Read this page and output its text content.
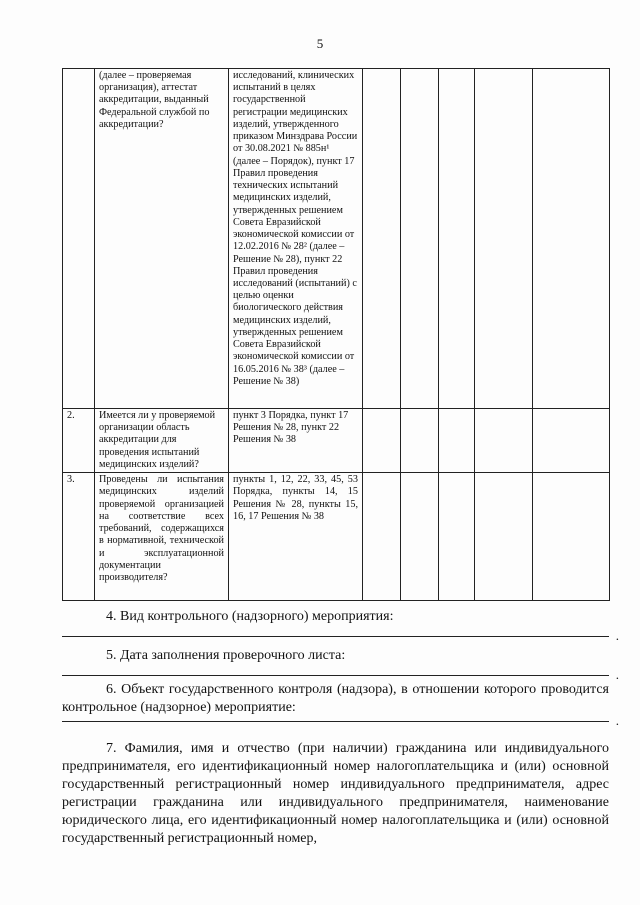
5
	(далее – проверяемая организация), аттестат аккредитации, выданный Федеральной службой по аккредитации?	исследований, клинических испытаний в целях государственной регистрации медицинских изделий, утвержденного приказом Минздрава России от 30.08.2021 № 885н¹ (далее – Порядок), пункт 17 Правил проведения технических испытаний медицинских изделий, утвержденных решением Совета Евразийской экономической комиссии от 12.02.2016 № 28² (далее – Решение № 28), пункт 22 Правил проведения исследований (испытаний) с целью оценки биологического действия медицинских изделий, утвержденных решением Совета Евразийской экономической комиссии от 16.05.2016 № 38³ (далее – Решение № 38)					
2.	Имеется ли у проверяемой организации область аккредитации для проведения испытаний медицинских изделий?	пункт 3 Порядка, пункт 17 Решения № 28, пункт 22 Решения № 38					
3.	Проведены ли испытания медицинских изделий проверяемой организацией на соответствие всех требований, содержащихся в нормативной, технической и эксплуатационной документации производителя?	пункты 1, 12, 22, 33, 45, 53 Порядка, пункты 14, 15 Решения № 28, пункты 15, 16, 17 Решения № 38					

4. Вид контрольного (надзорного) мероприятия:

.

5. Дата заполнения проверочного листа:

.

6. Объект государственного контроля (надзора), в отношении которого проводится контрольное (надзорное) мероприятие:

.

7. Фамилия, имя и отчество (при наличии) гражданина или индивидуального предпринимателя, его идентификационный номер налогоплательщика и (или) основной государственный регистрационный номер индивидуального предпринимателя, адрес регистрации гражданина или индивидуального предпринимателя, наименование юридического лица, его идентификационный номер налогоплательщика и (или) основной государственный регистрационный номер,
